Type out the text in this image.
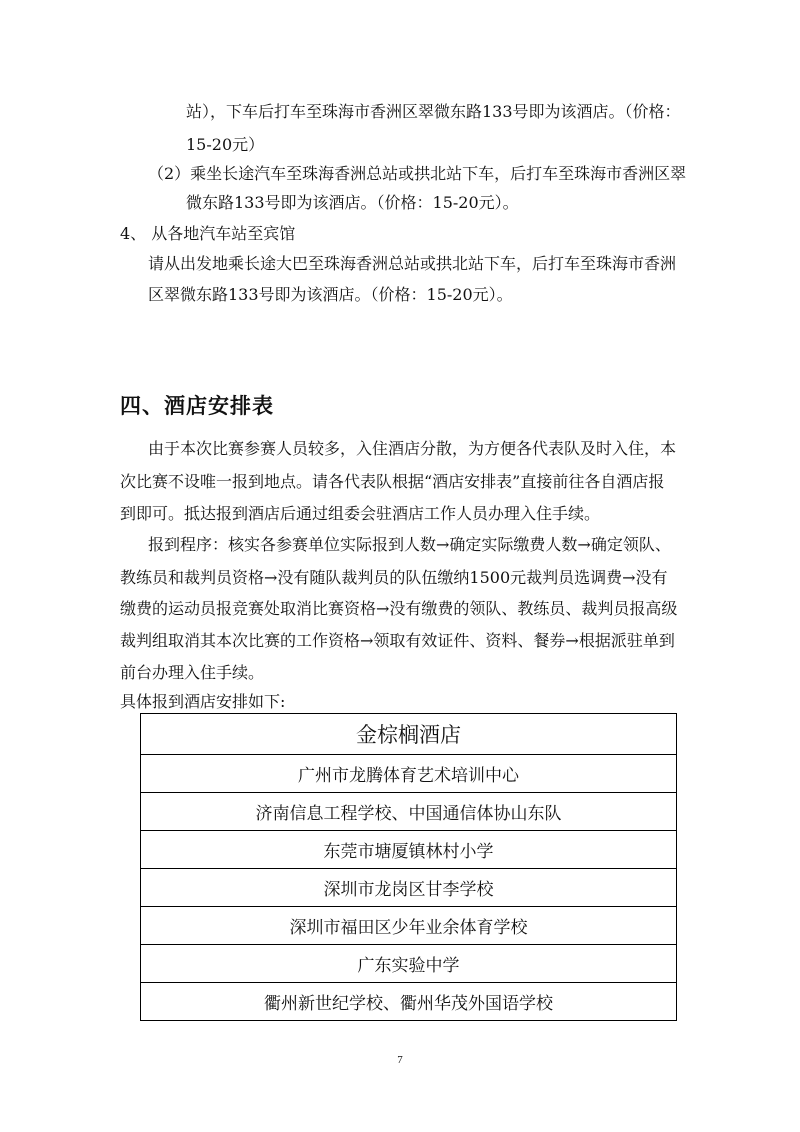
站），下车后打车至珠海市香洲区翠微东路133号即为该酒店。（价格：
15-20元）
（2）乘坐长途汽车至珠海香洲总站或拱北站下车，后打车至珠海市香洲区翠
微东路133号即为该酒店。（价格：15-20元）。
4、 从各地汽车站至宾馆
请从出发地乘长途大巴至珠海香洲总站或拱北站下车，后打车至珠海市香洲
区翠微东路133号即为该酒店。（价格：15-20元）。
四、酒店安排表
由于本次比赛参赛人员较多，入住酒店分散，为方便各代表队及时入住，本
次比赛不设唯一报到地点。请各代表队根据“酒店安排表”直接前往各自酒店报
到即可。抵达报到酒店后通过组委会驻酒店工作人员办理入住手续。
报到程序：核实各参赛单位实际报到人数→确定实际缴费人数→确定领队、
教练员和裁判员资格→没有随队裁判员的队伍缴纳1500元裁判员选调费→没有
缴费的运动员报竞赛处取消比赛资格→没有缴费的领队、教练员、裁判员报高级
裁判组取消其本次比赛的工作资格→领取有效证件、资料、餐券→根据派驻单到
前台办理入住手续。
具体报到酒店安排如下:
金棕榈酒店
广州市龙腾体育艺术培训中心
济南信息工程学校、中国通信体协山东队
东莞市塘厦镇林村小学
深圳市龙岗区甘李学校
深圳市福田区少年业余体育学校
广东实验中学
衢州新世纪学校、衢州华茂外国语学校
7
